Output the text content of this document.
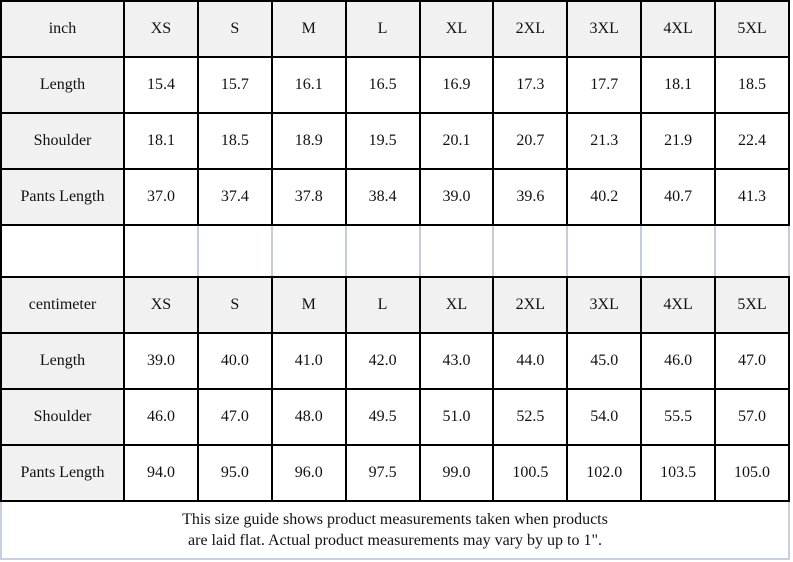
inch	XS	S	M	L	XL	2XL	3XL	4XL	5XL
Length	15.4	15.7	16.1	16.5	16.9	17.3	17.7	18.1	18.5
Shoulder	18.1	18.5	18.9	19.5	20.1	20.7	21.3	21.9	22.4
Pants Length	37.0	37.4	37.8	38.4	39.0	39.6	40.2	40.7	41.3

centimeter	XS	S	M	L	XL	2XL	3XL	4XL	5XL
Length	39.0	40.0	41.0	42.0	43.0	44.0	45.0	46.0	47.0
Shoulder	46.0	47.0	48.0	49.5	51.0	52.5	54.0	55.5	57.0
Pants Length	94.0	95.0	96.0	97.5	99.0	100.5	102.0	103.5	105.0
This size guide shows product measurements taken when products
are laid flat. Actual product measurements may vary by up to 1".
